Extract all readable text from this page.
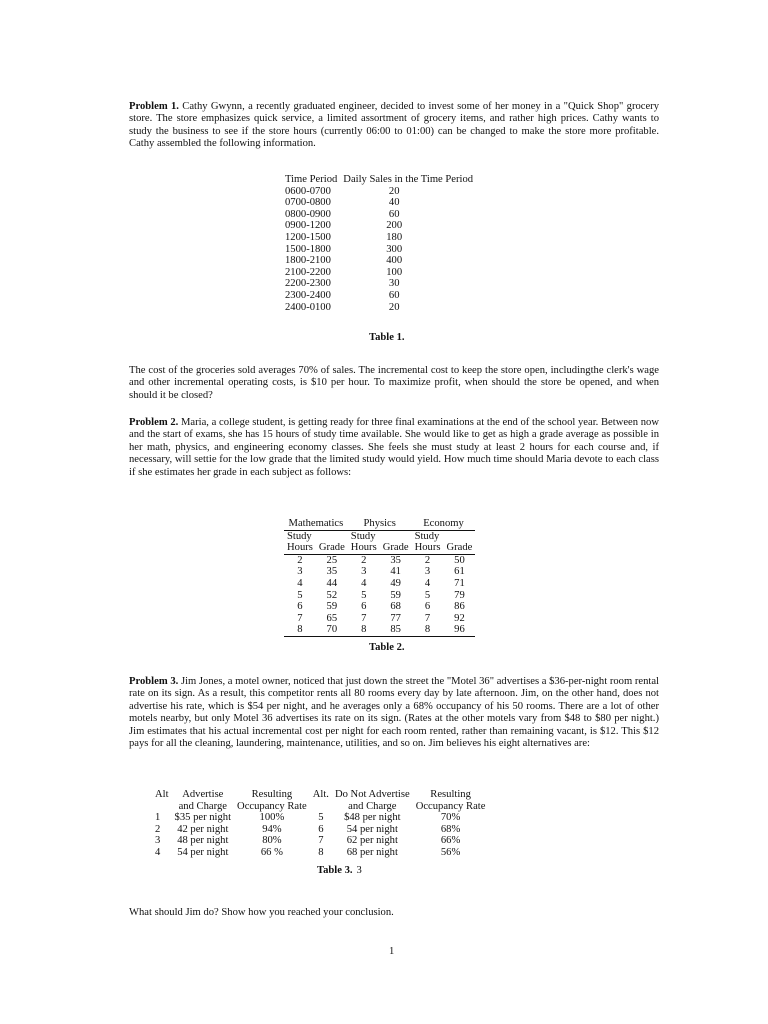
Problem 1. Cathy Gwynn, a recently graduated engineer, decided to invest some of her money in a "Quick Shop" grocery store. The store emphasizes quick service, a limited assortment of grocery items, and rather high prices. Cathy wants to study the business to see if the store hours (currently 06:00 to 01:00) can be changed to make the store more profitable. Cathy assembled the following information.

Time Period	Daily Sales in the Time Period
0600-0700	20
0700-0800	40
0800-0900	60
0900-1200	200
1200-1500	180
1500-1800	300
1800-2100	400
2100-2200	100
2200-2300	30
2300-2400	60
2400-0100	20
Table 1.

The cost of the groceries sold averages 70% of sales. The incremental cost to keep the store open, includingthe clerk's wage and other incremental operating costs, is $10 per hour. To maximize profit, when should the store be opened, and when should it be closed?

Problem 2. Maria, a college student, is getting ready for three final examinations at the end of the school year. Between now and the start of exams, she has 15 hours of study time available. She would like to get as high a grade average as possible in her math, physics, and engineering economy classes. She feels she must study at least 2 hours for each course and, if necessary, will settie for the low grade that the limited study would yield. How much time should Maria devote to each class if she estimates her grade in each subject as follows:

Mathematics		Physics		Economy	
Study		Study		Study	
Hours	Grade	Hours	Grade	Hours	Grade
2	25	2	35	2	50
3	35	3	41	3	61
4	44	4	49	4	71
5	52	5	59	5	79
6	59	6	68	6	86
7	65	7	77	7	92
8	70	8	85	8	96
Table 2.

Problem 3. Jim Jones, a motel owner, noticed that just down the street the "Motel 36" advertises a $36-per-night room rental rate on its sign. As a result, this competitor rents all 80 rooms every day by late afternoon. Jim, on the other hand, does not advertise his rate, which is $54 per night, and he averages only a 68% occupancy of his 50 rooms. There are a lot of other motels nearby, but only Motel 36 advertises its rate on its sign. (Rates at the other motels vary from $48 to $80 per night.) Jim estimates that his actual incremental cost per night for each room rented, rather than remaining vacant, is $12. This $12 pays for all the cleaning, laundering, maintenance, utilities, and so on. Jim believes his eight alternatives are:

Alt	Advertise	Resulting	Alt.	Do Not Advertise	Resulting
	and Charge	Occupancy Rate		and Charge	Occupancy Rate
1	$35 per night	100%	5	$48 per night	70%
2	42 per night	94%	6	54 per night	68%
3	48 per night	80%	7	62 per night	66%
4	54 per night	66 %	8	68 per night	56%
Table 3. 3

What should Jim do? Show how you reached your conclusion.

1
